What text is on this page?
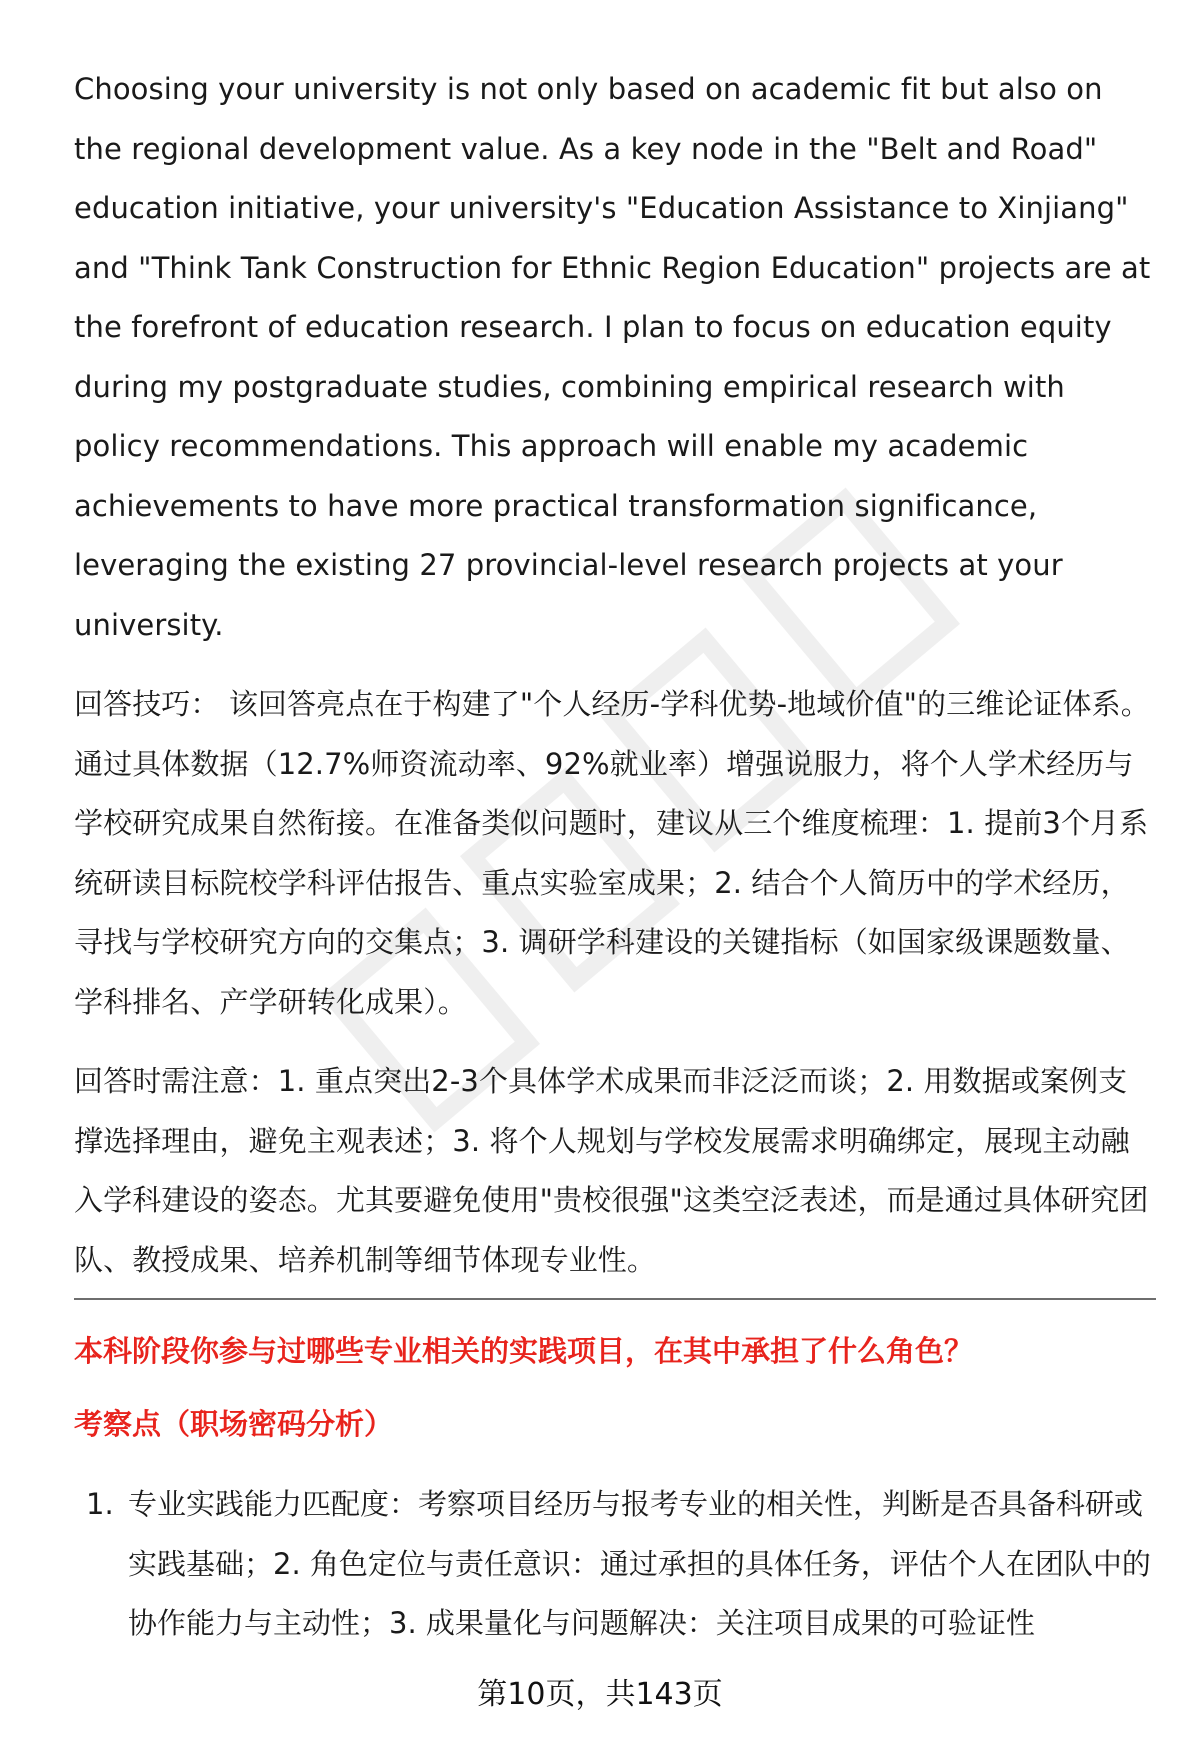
Choosing your university is not only based on academic fit but also on the regional development value. As a key node in the "Belt and Road" education initiative, your university's "Education Assistance to Xinjiang" and "Think Tank Construction for Ethnic Region Education" projects are at the forefront of education research. I plan to focus on education equity during my postgraduate studies, combining empirical research with policy recommendations. This approach will enable my academic achievements to have more practical transformation significance, leveraging the existing 27 provincial-level research projects at your university.

回答技巧： 该回答亮点在于构建了"个人经历-学科优势-地域价值"的三维论证体系。通过具体数据（12.7%师资流动率、92%就业率）增强说服力，将个人学术经历与学校研究成果自然衔接。在准备类似问题时，建议从三个维度梳理：1. 提前3个月系统研读目标院校学科评估报告、重点实验室成果；2. 结合个人简历中的学术经历，寻找与学校研究方向的交集点；3. 调研学科建设的关键指标（如国家级课题数量、学科排名、产学研转化成果）。

回答时需注意：1. 重点突出2-3个具体学术成果而非泛泛而谈；2. 用数据或案例支撑选择理由，避免主观表述；3. 将个人规划与学校发展需求明确绑定，展现主动融入学科建设的姿态。尤其要避免使用"贵校很强"这类空泛表述，而是通过具体研究团队、教授成果、培养机制等细节体现专业性。

本科阶段你参与过哪些专业相关的实践项目，在其中承担了什么角色？

考察点（职场密码分析）

1. 专业实践能力匹配度：考察项目经历与报考专业的相关性，判断是否具备科研或实践基础；2. 角色定位与责任意识：通过承担的具体任务，评估个人在团队中的协作能力与主动性；3. 成果量化与问题解决：关注项目成果的可验证性
第10页，共143页
